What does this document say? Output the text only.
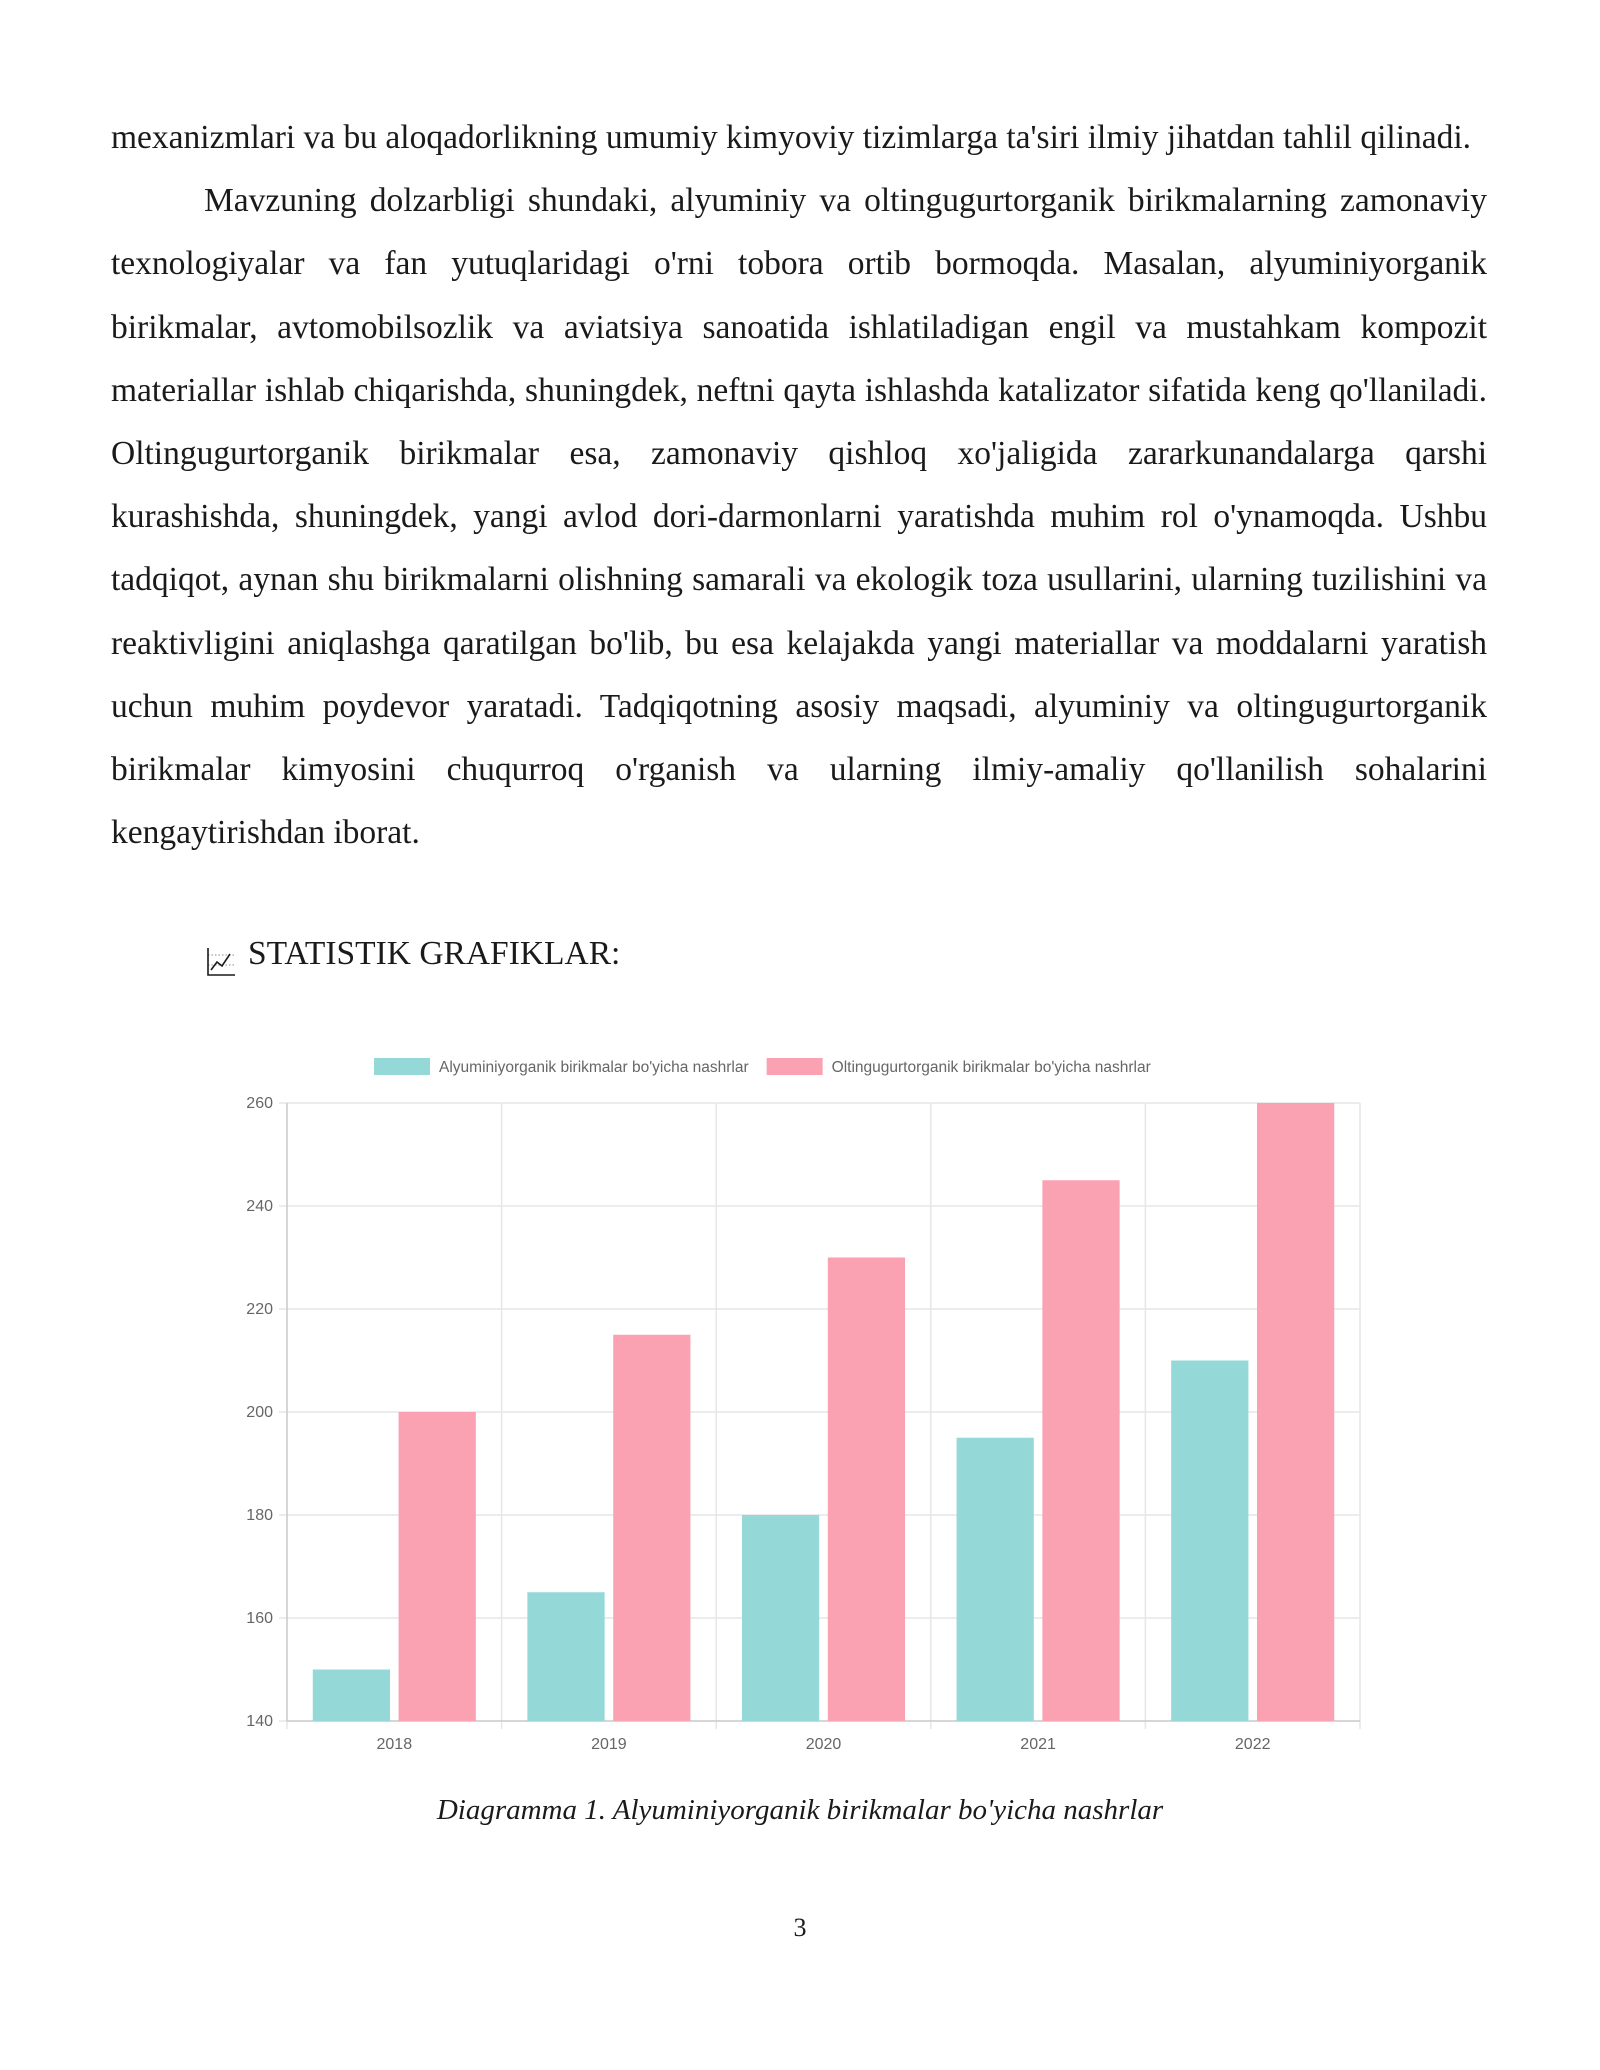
mexanizmlari va bu aloqadorlikning umumiy kimyoviy tizimlarga ta'siri ilmiy jihatdan tahlil qilinadi.

Mavzuning dolzarbligi shundaki, alyuminiy va oltingugurtorganik birikmalarning zamonaviy texnologiyalar va fan yutuqlaridagi o'rni tobora ortib bormoqda. Masalan, alyuminiyorganik birikmalar, avtomobilsozlik va aviatsiya sanoatida ishlatiladigan engil va mustahkam kompozit materiallar ishlab chiqarishda, shuningdek, neftni qayta ishlashda katalizator sifatida keng qo'llaniladi. Oltingugurtorganik birikmalar esa, zamonaviy qishloq xo'jaligida zararkunandalarga qarshi kurashishda, shuningdek, yangi avlod dori-darmonlarni yaratishda muhim rol o'ynamoqda. Ushbu tadqiqot, aynan shu birikmalarni olishning samarali va ekologik toza usullarini, ularning tuzilishini va reaktivligini aniqlashga qaratilgan bo'lib, bu esa kelajakda yangi materiallar va moddalarni yaratish uchun muhim poydevor yaratadi. Tadqiqotning asosiy maqsadi, alyuminiy va oltingugurtorganik birikmalar kimyosini chuqurroq o'rganish va ularning ilmiy-amaliy qo'llanilish sohalarini kengaytirishdan iborat.

STATISTIK GRAFIKLAR:
140
160
180
200
220
240
260
2018	2019	2020	2021	2022
Alyuminiyorganik birikmalar bo'yicha nashrlar	Oltingugurtorganik birikmalar bo'yicha nashrlar
Diagramma 1. Alyuminiyorganik birikmalar bo'yicha nashrlar
3
